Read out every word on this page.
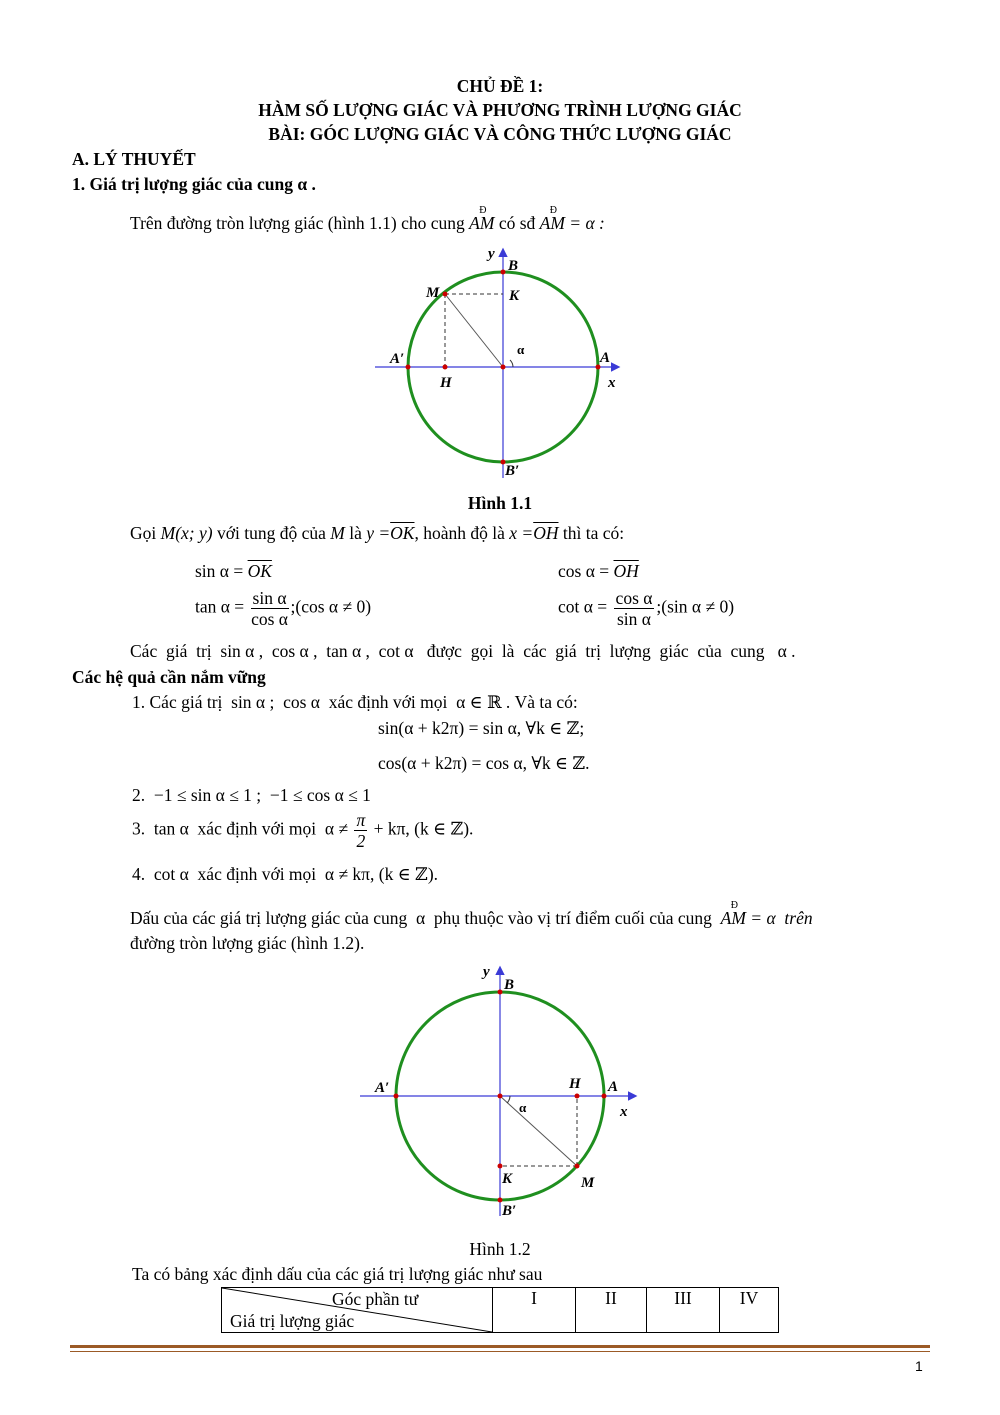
CHỦ ĐỀ 1:
HÀM SỐ LƯỢNG GIÁC VÀ PHƯƠNG TRÌNH LƯỢNG GIÁC
BÀI: GÓC LƯỢNG GIÁC VÀ CÔNG THỨC LƯỢNG GIÁC
A. LÝ THUYẾT
1. Giá trị lượng giác của cung α .
Trên đường tròn lượng giác (hình 1.1) cho cung
Đ
AM có sđ
Đ
AM = α :
y
B
M	K
α
A′	A
H	x
B′
Hình 1.1
Gọi M(x; y) với tung độ của M là $y =\overline{OK}$, hoành độ là $x =\overline{OH}$ thì ta có:
$\sin \alpha = \overline{OK}$	$\cos \alpha = \overline{OH}$
$\tan \alpha = \frac{\text{sin α}}{\text{cos α}}$ ;(cos α ≠ 0)	$\cot \alpha = \frac{\text{cos α}}{\text{sin α}}$ ;(sin α ≠ 0)
Các  giá  trị  sin α ,  cos α ,  tan α ,  cot α   được  gọi  là  các  giá  trị  lượng  giác  của  cung   α .
Các hệ quả cần nắm vững
1. Các giá trị  sin α ;  cos α  xác định với mọi  α ∈ ℝ . Và ta có:
sin(α + k2π) = sin α, ∀k ∈ ℤ;
cos(α + k2π) = cos α, ∀k ∈ ℤ.
2.  −1 ≤ sin α ≤ 1 ;  −1 ≤ cos α ≤ 1
3.  tan α  xác định với mọi  $\alpha \ne \frac{\pi}{2} + k\pi$, (k ∈ ℤ).
4.  cot α  xác định với mọi  α ≠ kπ, (k ∈ ℤ).
Dấu của các giá trị lượng giác của cung  α  phụ thuộc vào vị trí điểm cuối của cung
Đ
AM = α  trên
đường tròn lượng giác (hình 1.2).
y
B
A′	H A
α	x
K	M
B′
Hình 1.2
Ta có bảng xác định dấu của các giá trị lượng giác như sau
Góc phần tư
Giá trị lượng giác
	I	II	III	IV
1
